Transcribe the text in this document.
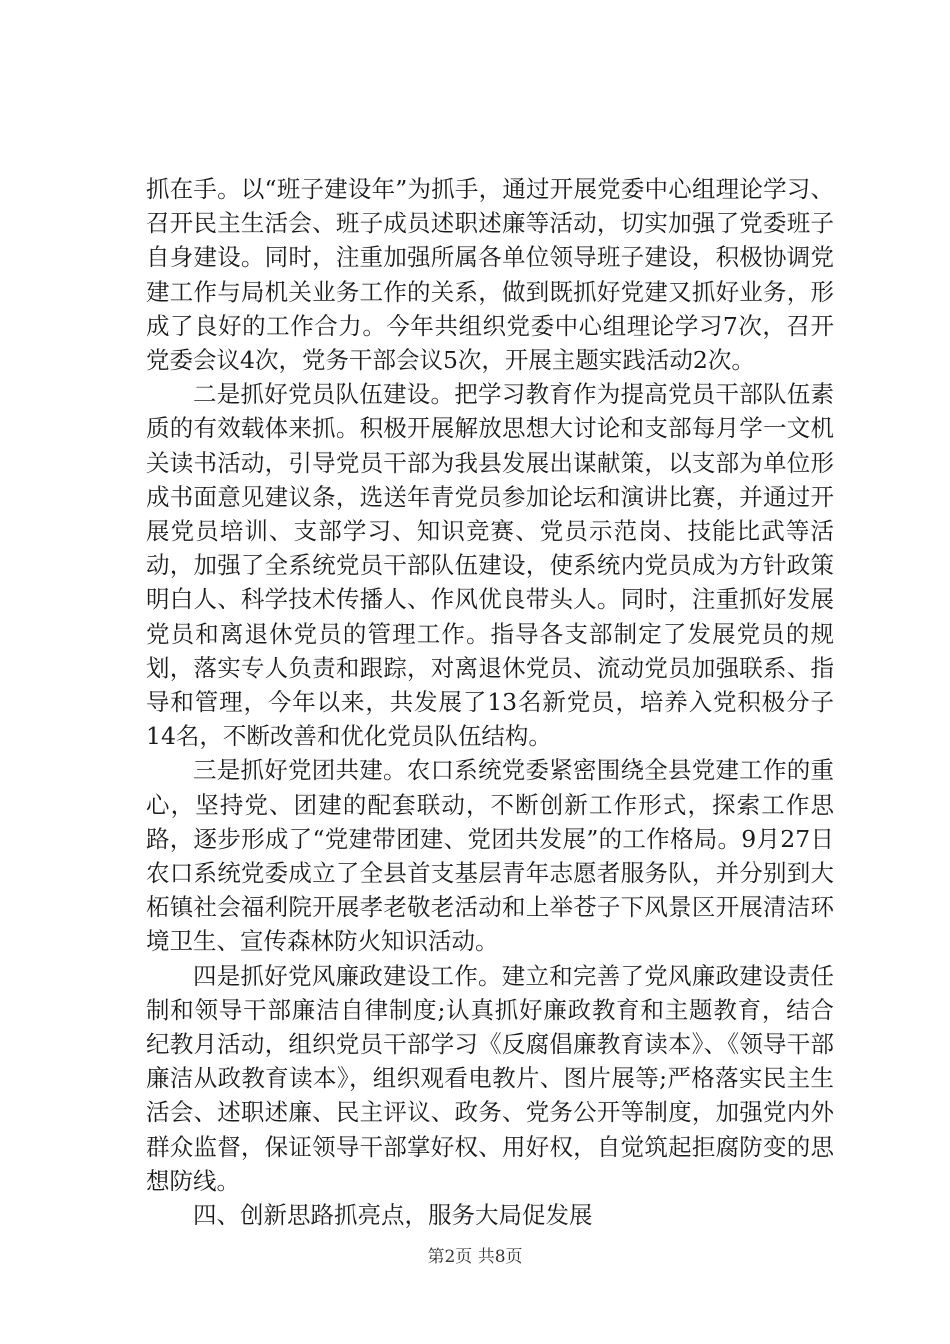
抓在手。以“班子建设年”为抓手，通过开展党委中心组理论学习、召开民主生活会、班子成员述职述廉等活动，切实加强了党委班子自身建设。同时，注重加强所属各单位领导班子建设，积极协调党建工作与局机关业务工作的关系，做到既抓好党建又抓好业务，形成了良好的工作合力。今年共组织党委中心组理论学习7次，召开党委会议4次，党务干部会议5次，开展主题实践活动2次。

二是抓好党员队伍建设。把学习教育作为提高党员干部队伍素质的有效载体来抓。积极开展解放思想大讨论和支部每月学一文机关读书活动，引导党员干部为我县发展出谋献策，以支部为单位形成书面意见建议条，选送年青党员参加论坛和演讲比赛，并通过开展党员培训、支部学习、知识竞赛、党员示范岗、技能比武等活动，加强了全系统党员干部队伍建设，使系统内党员成为方针政策明白人、科学技术传播人、作风优良带头人。同时，注重抓好发展党员和离退休党员的管理工作。指导各支部制定了发展党员的规划，落实专人负责和跟踪，对离退休党员、流动党员加强联系、指导和管理，今年以来，共发展了13名新党员，培养入党积极分子14名，不断改善和优化党员队伍结构。

三是抓好党团共建。农口系统党委紧密围绕全县党建工作的重心，坚持党、团建的配套联动，不断创新工作形式，探索工作思路，逐步形成了“党建带团建、党团共发展”的工作格局。9月27日农口系统党委成立了全县首支基层青年志愿者服务队，并分别到大柘镇社会福利院开展孝老敬老活动和上举苍子下风景区开展清洁环境卫生、宣传森林防火知识活动。

四是抓好党风廉政建设工作。建立和完善了党风廉政建设责任制和领导干部廉洁自律制度;认真抓好廉政教育和主题教育，结合纪教月活动，组织党员干部学习《反腐倡廉教育读本》、《领导干部廉洁从政教育读本》，组织观看电教片、图片展等;严格落实民主生活会、述职述廉、民主评议、政务、党务公开等制度，加强党内外群众监督，保证领导干部掌好权、用好权，自觉筑起拒腐防变的思想防线。

四、创新思路抓亮点，服务大局促发展

第2页 共8页
